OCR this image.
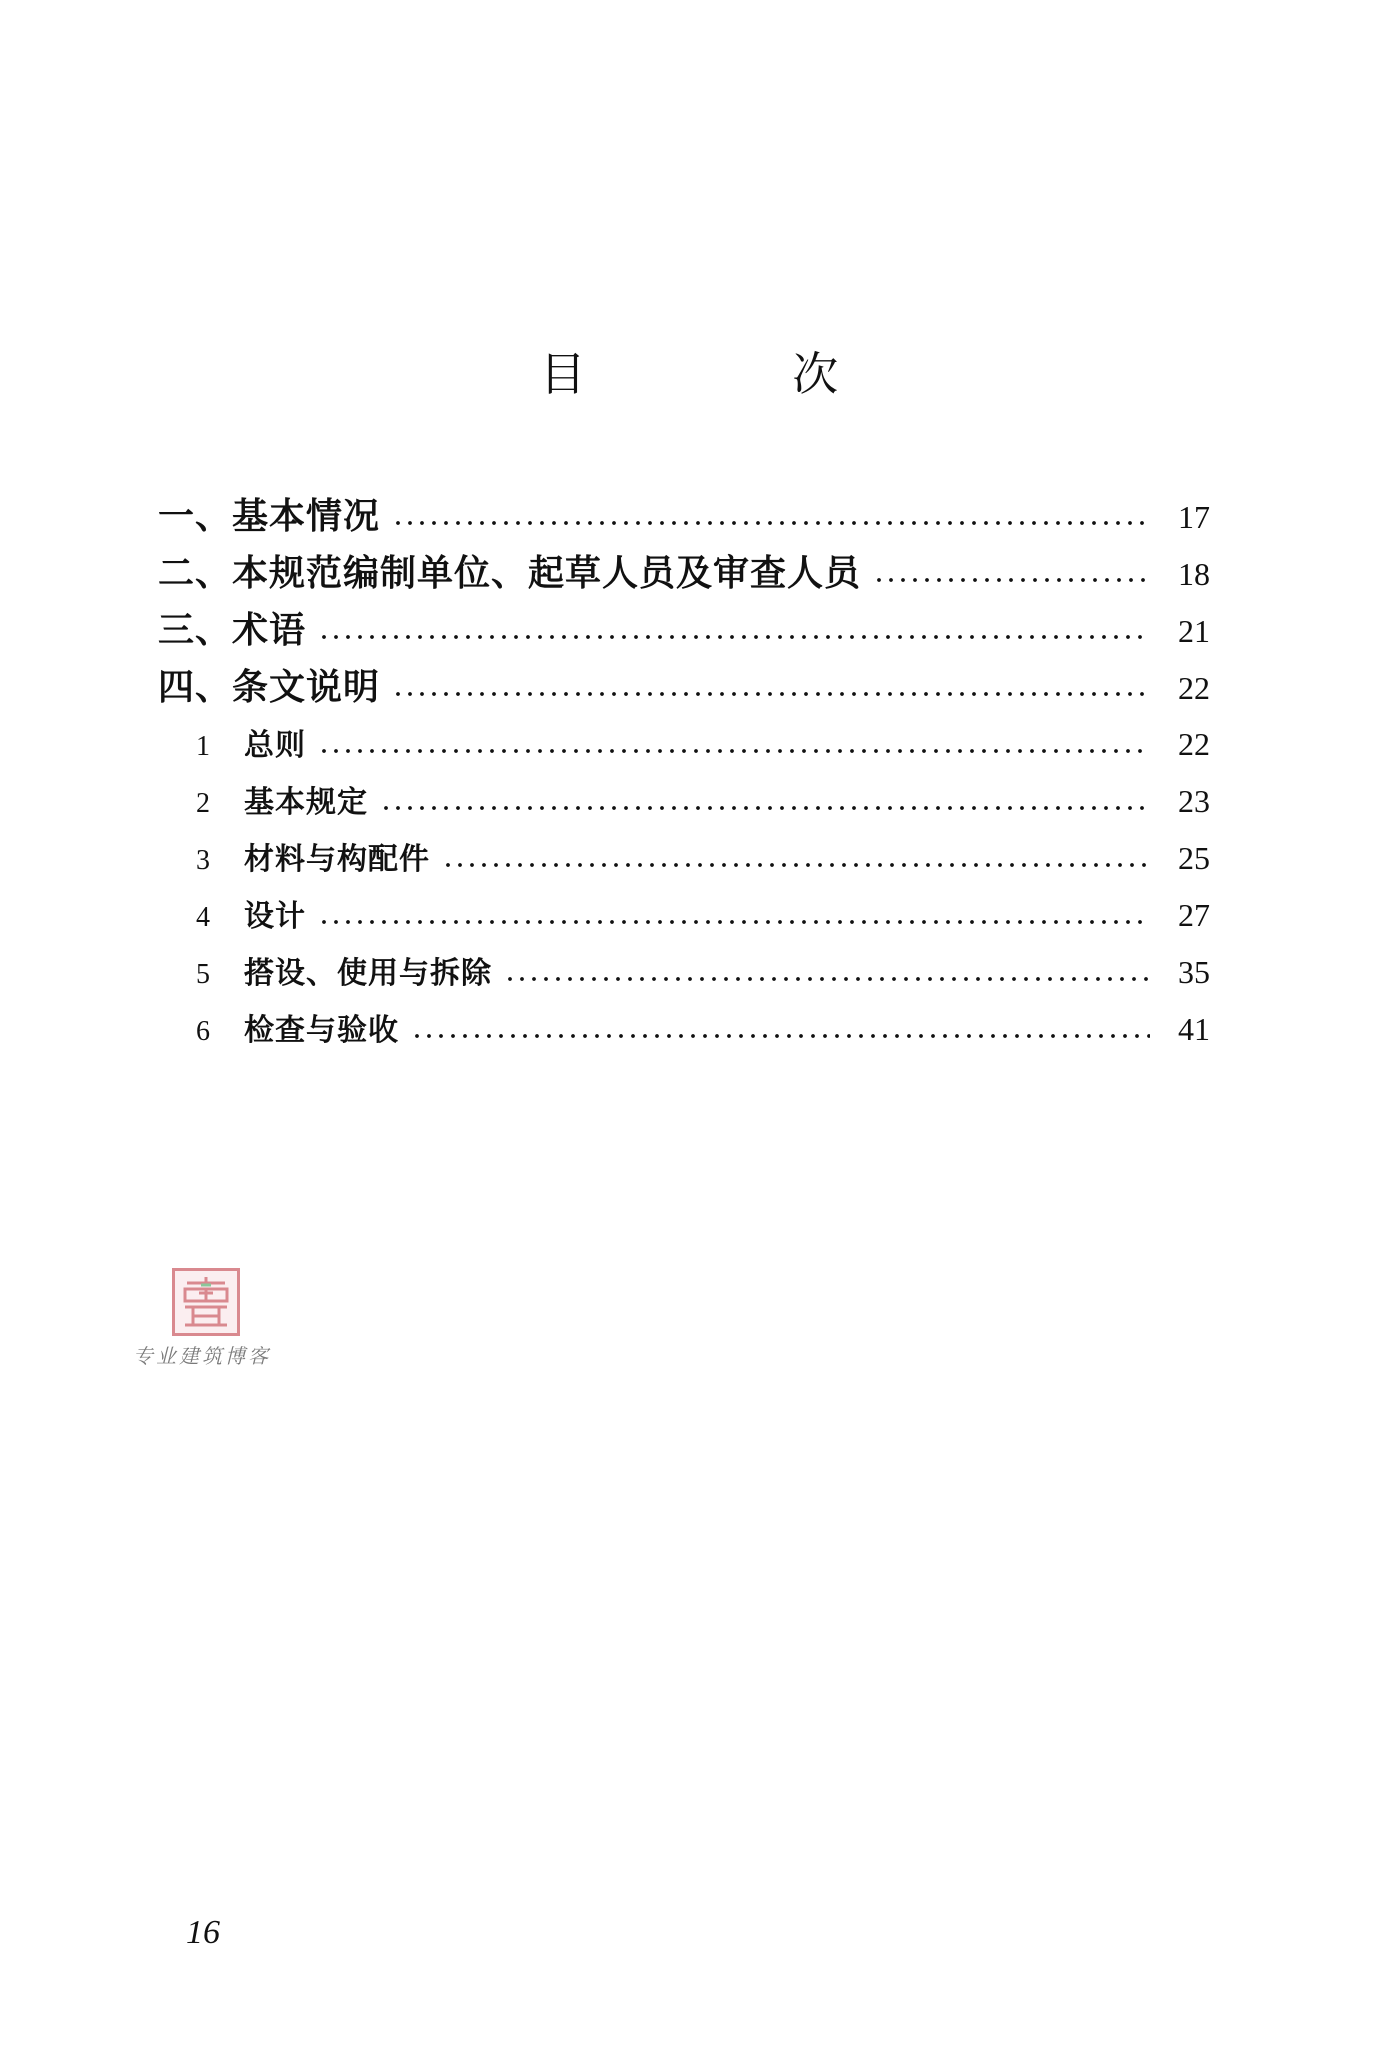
目 次
一、基本情况	17
二、本规范编制单位、起草人员及审查人员	18
三、术语	21
四、条文说明	22
1	总则	22
2	基本规定	23
3	材料与构配件	25
4	设计	27
5	搭设、使用与拆除	35
6	检查与验收	41
专业建筑博客
16
